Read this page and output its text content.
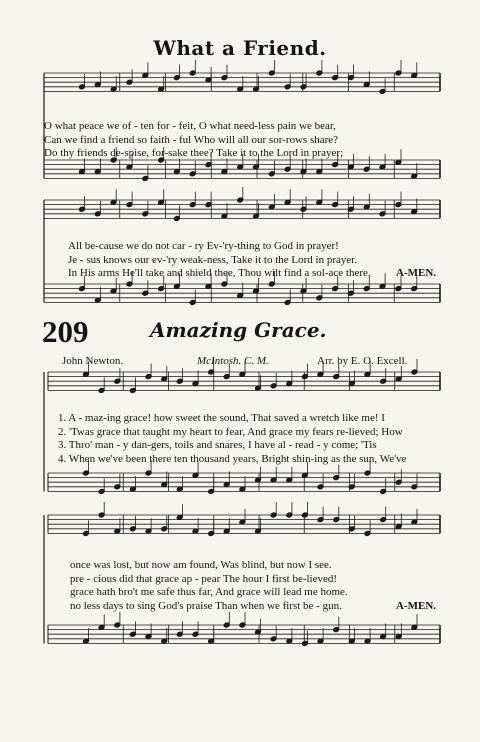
What a Friend.
O what peace we of - ten for - feit, O what need-less pain we bear,
Can we find a friend so faith - ful Who will all our sor-rows share?
Do thy friends de-spise, for-sake thee? Take it to the Lord in prayer;
All be-cause we do not car - ry Ev-'ry-thing to God in prayer!
Je - sus knows our ev-'ry weak-ness, Take it to the Lord in prayer.
In His arms He'll take and shield thee, Thou wilt find a sol-ace there.	A-MEN.
209	Amazing Grace.
John Newton.	McIntosh. C. M.	Arr. by E. O. Excell.
1. A - maz-ing grace! how sweet the sound, That saved a wretch like me! I
2. 'Twas grace that taught my heart to fear, And grace my fears re-lieved; How
3. Thro' man - y dan-gers, toils and snares, I have al - read - y come; 'Tis
4. When we've been there ten thousand years, Bright shin-ing as the sun, We've
once was lost, but now am found, Was blind, but now I see.
pre - cious did that grace ap - pear The hour I first be-lieved!
grace hath bro't me safe thus far, And grace will lead me home.
no less days to sing God's praise Than when we first be - gun.	A-MEN.
